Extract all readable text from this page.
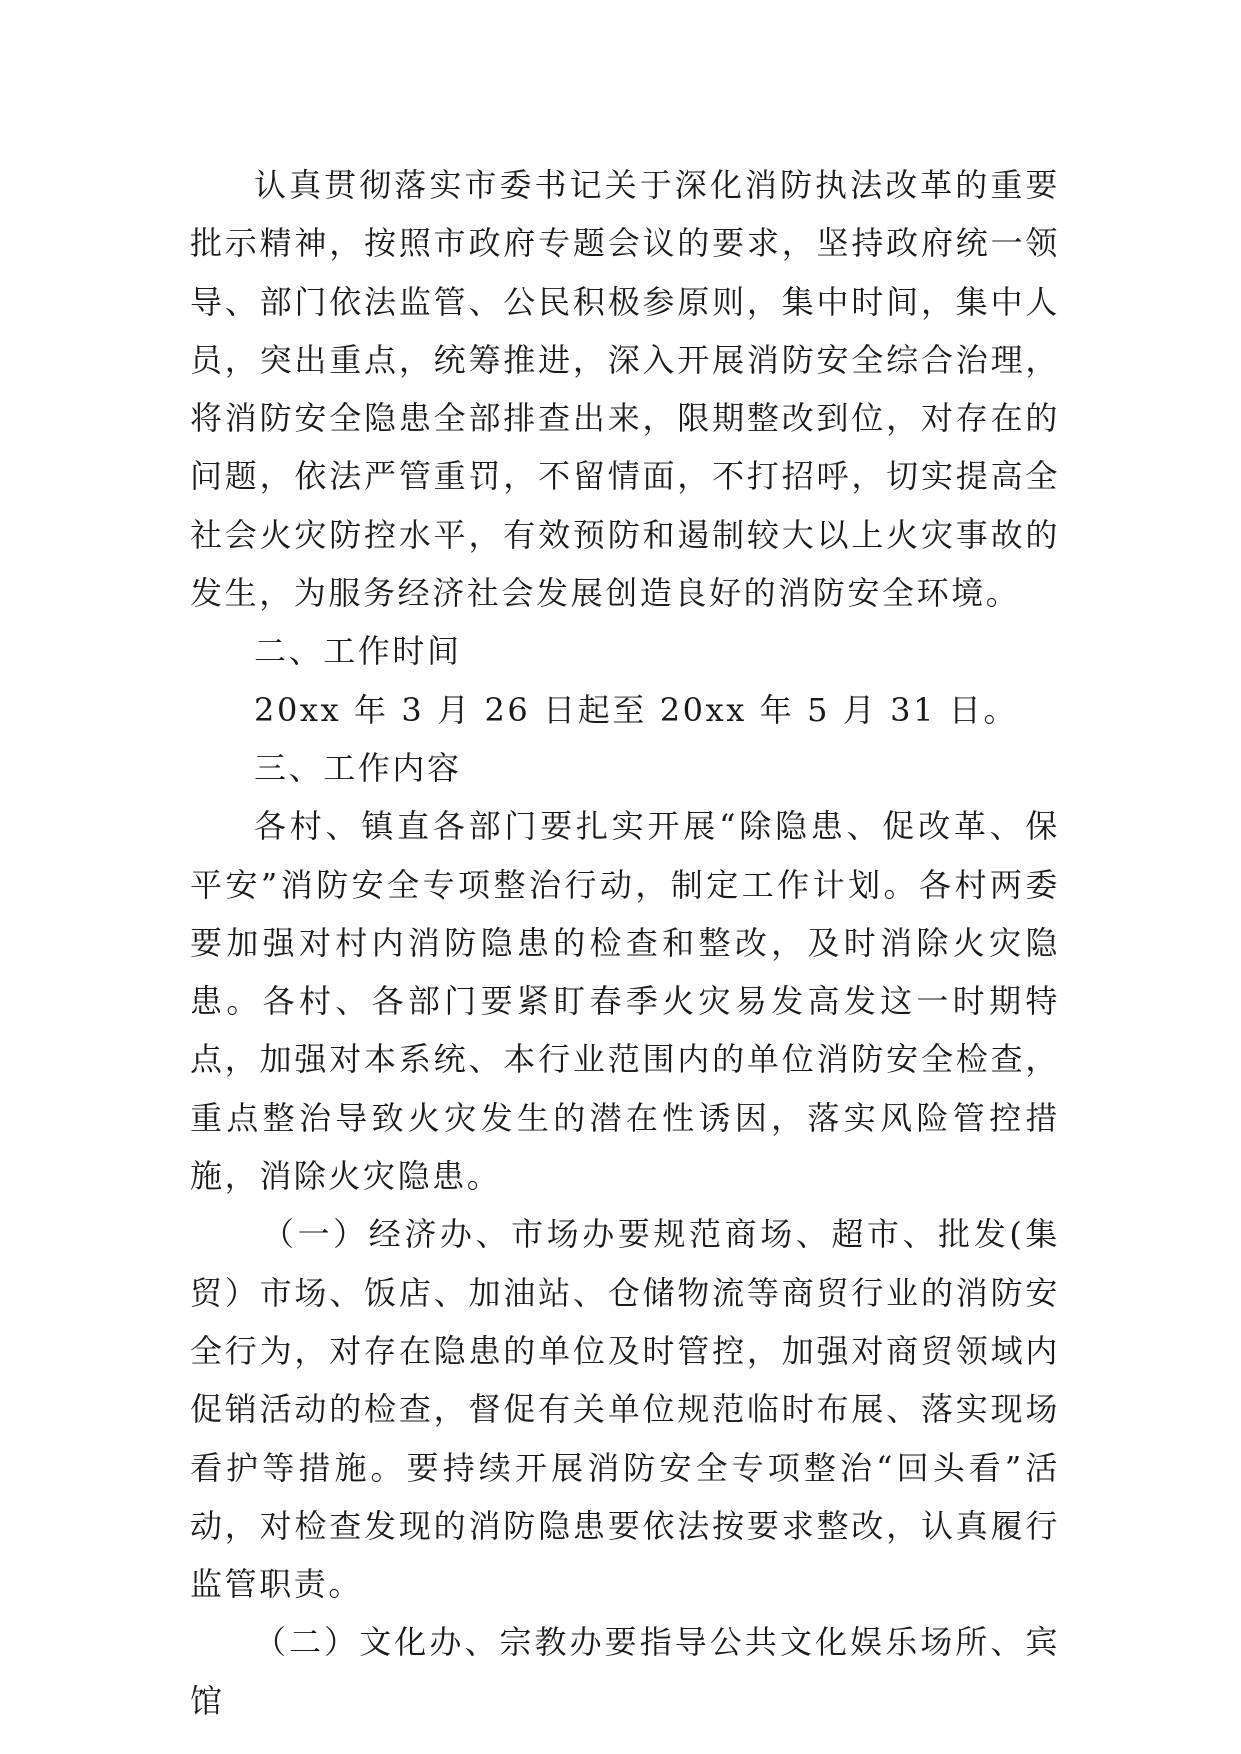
认真贯彻落实市委书记关于深化消防执法改革的重要批示精神，按照市政府专题会议的要求，坚持政府统一领导、部门依法监管、公民积极参原则，集中时间，集中人员，突出重点，统筹推进，深入开展消防安全综合治理，将消防安全隐患全部排查出来，限期整改到位，对存在的问题，依法严管重罚，不留情面，不打招呼，切实提高全社会火灾防控水平，有效预防和遏制较大以上火灾事故的发生，为服务经济社会发展创造良好的消防安全环境。

二、工作时间

20xx 年 3 月 26 日起至 20xx 年 5 月 31 日。

三、工作内容

各村、镇直各部门要扎实开展“除隐患、促改革、保平安”消防安全专项整治行动，制定工作计划。各村两委要加强对村内消防隐患的检查和整改，及时消除火灾隐患。各村、各部门要紧盯春季火灾易发高发这一时期特点，加强对本系统、本行业范围内的单位消防安全检查，重点整治导致火灾发生的潜在性诱因，落实风险管控措施，消除火灾隐患。

（一）经济办、市场办要规范商场、超市、批发(集贸）市场、饭店、加油站、仓储物流等商贸行业的消防安全行为，对存在隐患的单位及时管控，加强对商贸领域内促销活动的检查，督促有关单位规范临时布展、落实现场看护等措施。要持续开展消防安全专项整治“回头看”活动，对检查发现的消防隐患要依法按要求整改，认真履行监管职责。

（二）文化办、宗教办要指导公共文化娱乐场所、宾馆
